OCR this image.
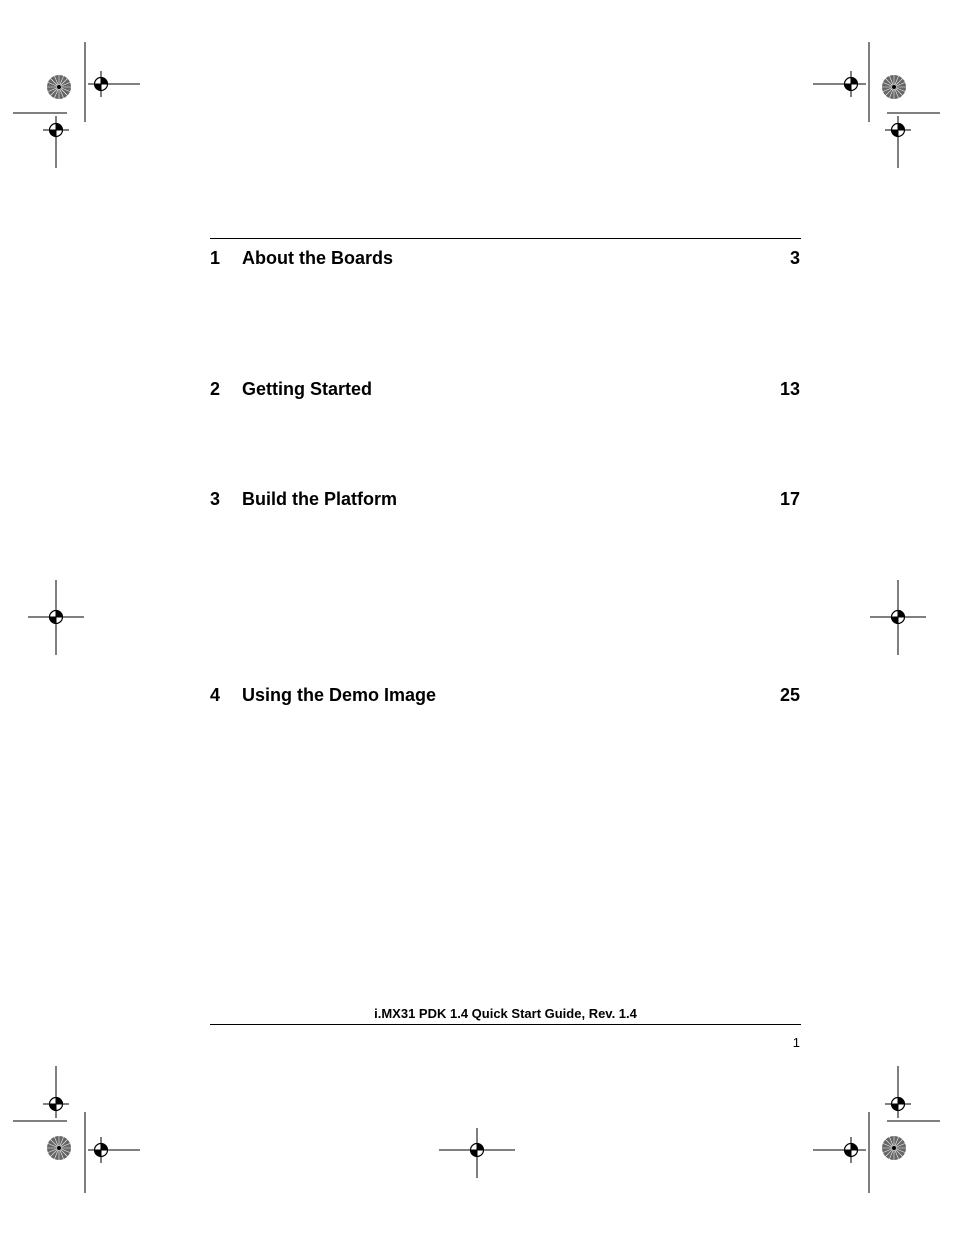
1 About the Boards	3
2 Getting Started	13
3 Build the Platform	17
4 Using the Demo Image	25
i.MX31 PDK 1.4 Quick Start Guide, Rev. 1.4
1
